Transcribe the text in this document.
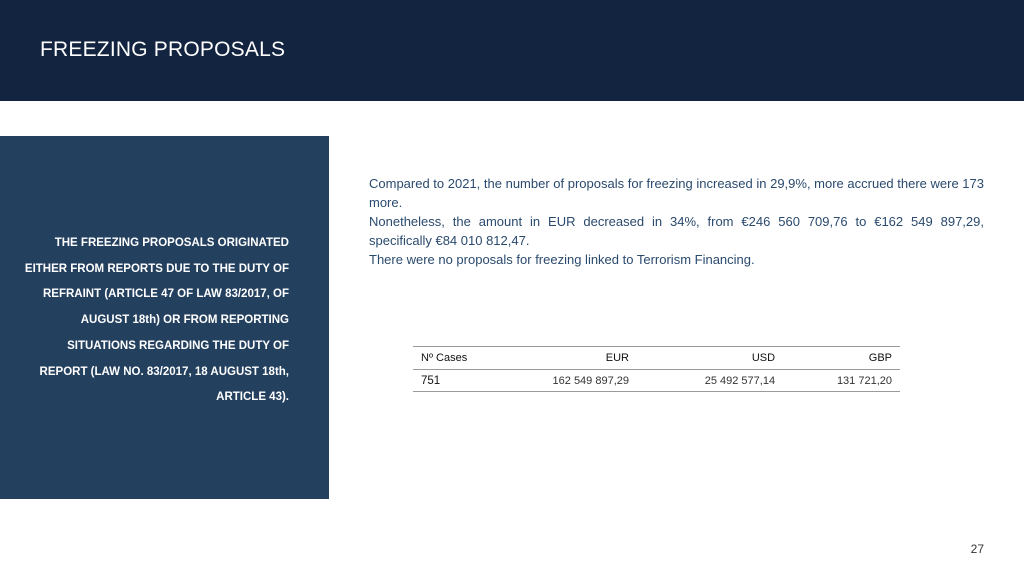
FREEZING PROPOSALS
THE FREEZING PROPOSALS ORIGINATED EITHER FROM REPORTS DUE TO THE DUTY OF REFRAINT (ARTICLE 47 OF LAW 83/2017, OF AUGUST 18th) OR FROM REPORTING SITUATIONS REGARDING THE DUTY OF REPORT (LAW NO. 83/2017, 18 AUGUST 18th, ARTICLE 43).

Compared to 2021, the number of proposals for freezing increased in 29,9%, more accrued there were 173 more.

Nonetheless, the amount in EUR decreased in 34%, from €246 560 709,76 to €162 549 897,29, specifically €84 010 812,47.

There were no proposals for freezing linked to Terrorism Financing.

Nº Cases	EUR	USD	GBP
751	162 549 897,29	25 492 577,14	131 721,20
27
